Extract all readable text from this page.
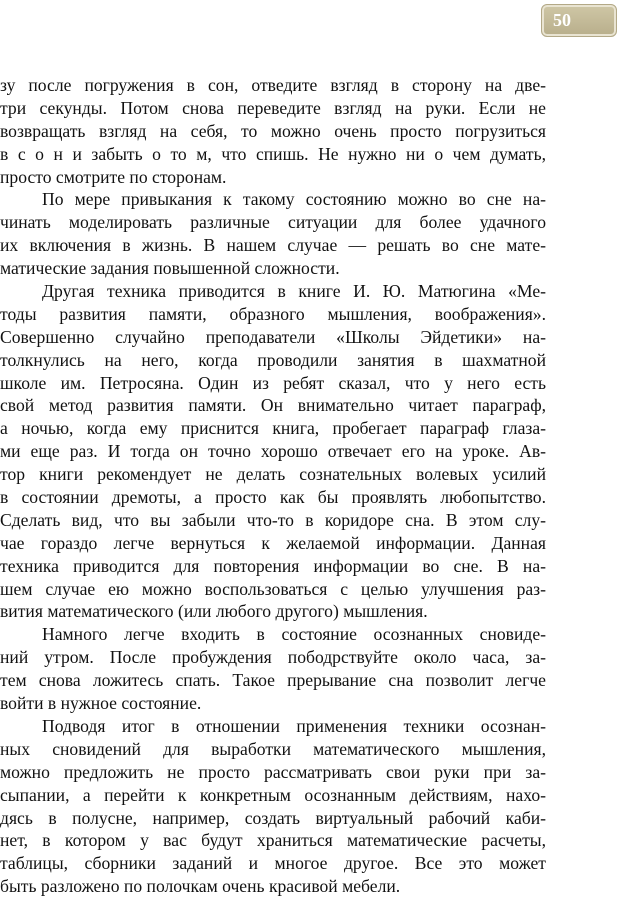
50
зу после погружения в сон, отведите взгляд в сторону на две-
три секунды. Потом снова переведите взгляд на руки. Если не
возвращать взгляд на себя, то можно очень просто погрузиться
в с о н и забыть о то м, что спишь. Не нужно ни о чем думать,
просто смотрите по сторонам.
По мере привыкания к такому состоянию можно во сне на-
чинать моделировать различные ситуации для более удачного
их включения в жизнь. В нашем случае — решать во сне мате-
матические задания повышенной сложности.
Другая техника приводится в книге И. Ю. Матюгина «Ме-
тоды развития памяти, образного мышления, воображения».
Совершенно случайно преподаватели «Школы Эйдетики» на-
толкнулись на него, когда проводили занятия в шахматной
школе им. Петросяна. Один из ребят сказал, что у него есть
свой метод развития памяти. Он внимательно читает параграф,
а ночью, когда ему приснится книга, пробегает параграф глаза-
ми еще раз. И тогда он точно хорошо отвечает его на уроке. Ав-
тор книги рекомендует не делать сознательных волевых усилий
в состоянии дремоты, а просто как бы проявлять любопытство.
Сделать вид, что вы забыли что-то в коридоре сна. В этом слу-
чае гораздо легче вернуться к желаемой информации. Данная
техника приводится для повторения информации во сне. В на-
шем случае ею можно воспользоваться с целью улучшения раз-
вития математического (или любого другого) мышления.
Намного легче входить в состояние осознанных сновиде-
ний утром. После пробуждения пободрствуйте около часа, за-
тем снова ложитесь спать. Такое прерывание сна позволит легче
войти в нужное состояние.
Подводя итог в отношении применения техники осознан-
ных сновидений для выработки математического мышления,
можно предложить не просто рассматривать свои руки при за-
сыпании, а перейти к конкретным осознанным действиям, нахо-
дясь в полусне, например, создать виртуальный рабочий каби-
нет, в котором у вас будут храниться математические расчеты,
таблицы, сборники заданий и многое другое. Все это может
быть разложено по полочкам очень красивой мебели.
